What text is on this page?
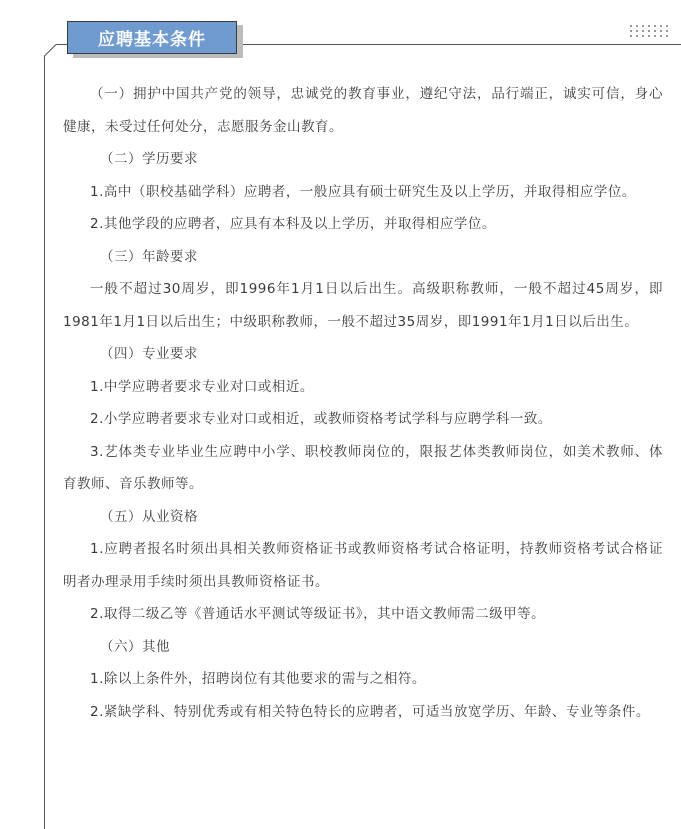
应聘基本条件

（一）拥护中国共产党的领导，忠诚党的教育事业，遵纪守法，品行端正，诚实可信，身心健康，未受过任何处分，志愿服务金山教育。

（二）学历要求

1.高中（职校基础学科）应聘者，一般应具有硕士研究生及以上学历，并取得相应学位。

2.其他学段的应聘者，应具有本科及以上学历，并取得相应学位。

（三）年龄要求

一般不超过30周岁，即1996年1月1日以后出生。高级职称教师，一般不超过45周岁，即1981年1月1日以后出生；中级职称教师，一般不超过35周岁，即1991年1月1日以后出生。

（四）专业要求

1.中学应聘者要求专业对口或相近。

2.小学应聘者要求专业对口或相近，或教师资格考试学科与应聘学科一致。

3.艺体类专业毕业生应聘中小学、职校教师岗位的，限报艺体类教师岗位，如美术教师、体育教师、音乐教师等。

（五）从业资格

1.应聘者报名时须出具相关教师资格证书或教师资格考试合格证明，持教师资格考试合格证明者办理录用手续时须出具教师资格证书。

2.取得二级乙等《普通话水平测试等级证书》，其中语文教师需二级甲等。

（六）其他

1.除以上条件外，招聘岗位有其他要求的需与之相符。

2.紧缺学科、特别优秀或有相关特色特长的应聘者，可适当放宽学历、年龄、专业等条件。
